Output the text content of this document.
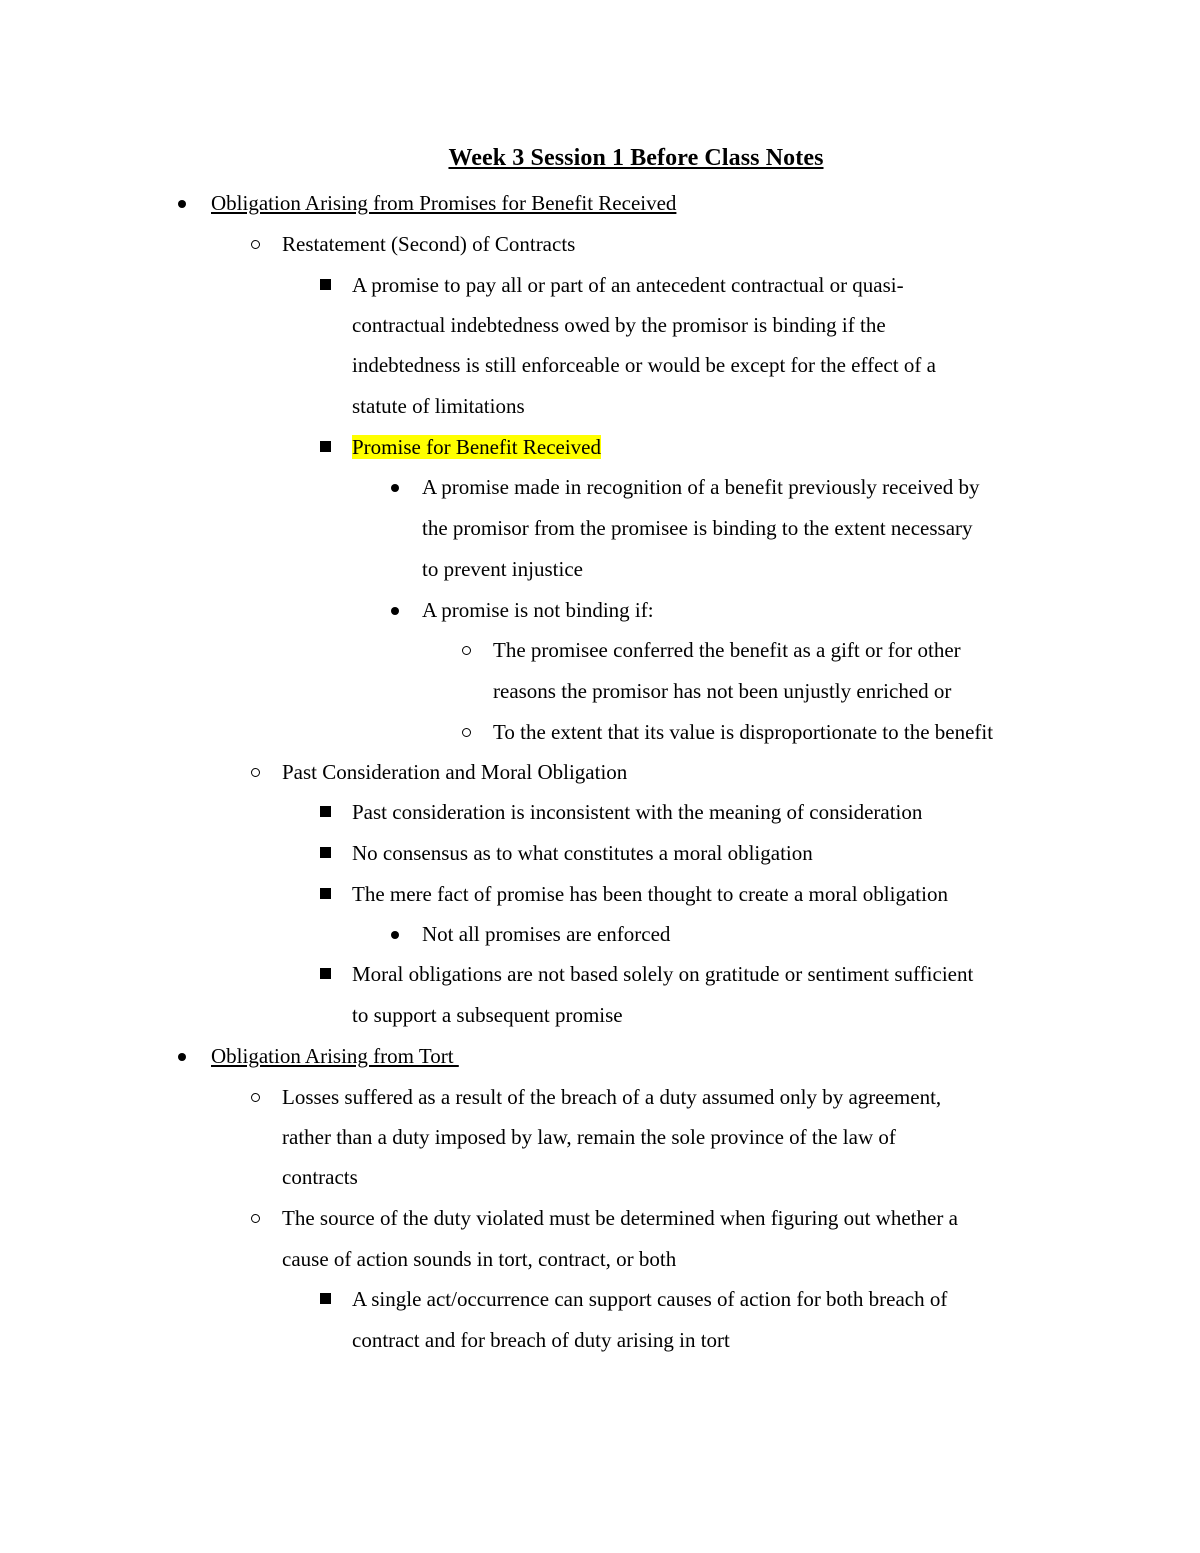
Week 3 Session 1 Before Class Notes
Obligation Arising from Promises for Benefit Received
Restatement (Second) of Contracts
A promise to pay all or part of an antecedent contractual or quasi-
contractual indebtedness owed by the promisor is binding if the
indebtedness is still enforceable or would be except for the effect of a
statute of limitations
Promise for Benefit Received
A promise made in recognition of a benefit previously received by
the promisor from the promisee is binding to the extent necessary
to prevent injustice
A promise is not binding if:
The promisee conferred the benefit as a gift or for other
reasons the promisor has not been unjustly enriched or
To the extent that its value is disproportionate to the benefit
Past Consideration and Moral Obligation
Past consideration is inconsistent with the meaning of consideration
No consensus as to what constitutes a moral obligation
The mere fact of promise has been thought to create a moral obligation
Not all promises are enforced
Moral obligations are not based solely on gratitude or sentiment sufficient
to support a subsequent promise
Obligation Arising from Tort
Losses suffered as a result of the breach of a duty assumed only by agreement,
rather than a duty imposed by law, remain the sole province of the law of
contracts
The source of the duty violated must be determined when figuring out whether a
cause of action sounds in tort, contract, or both
A single act/occurrence can support causes of action for both breach of
contract and for breach of duty arising in tort
